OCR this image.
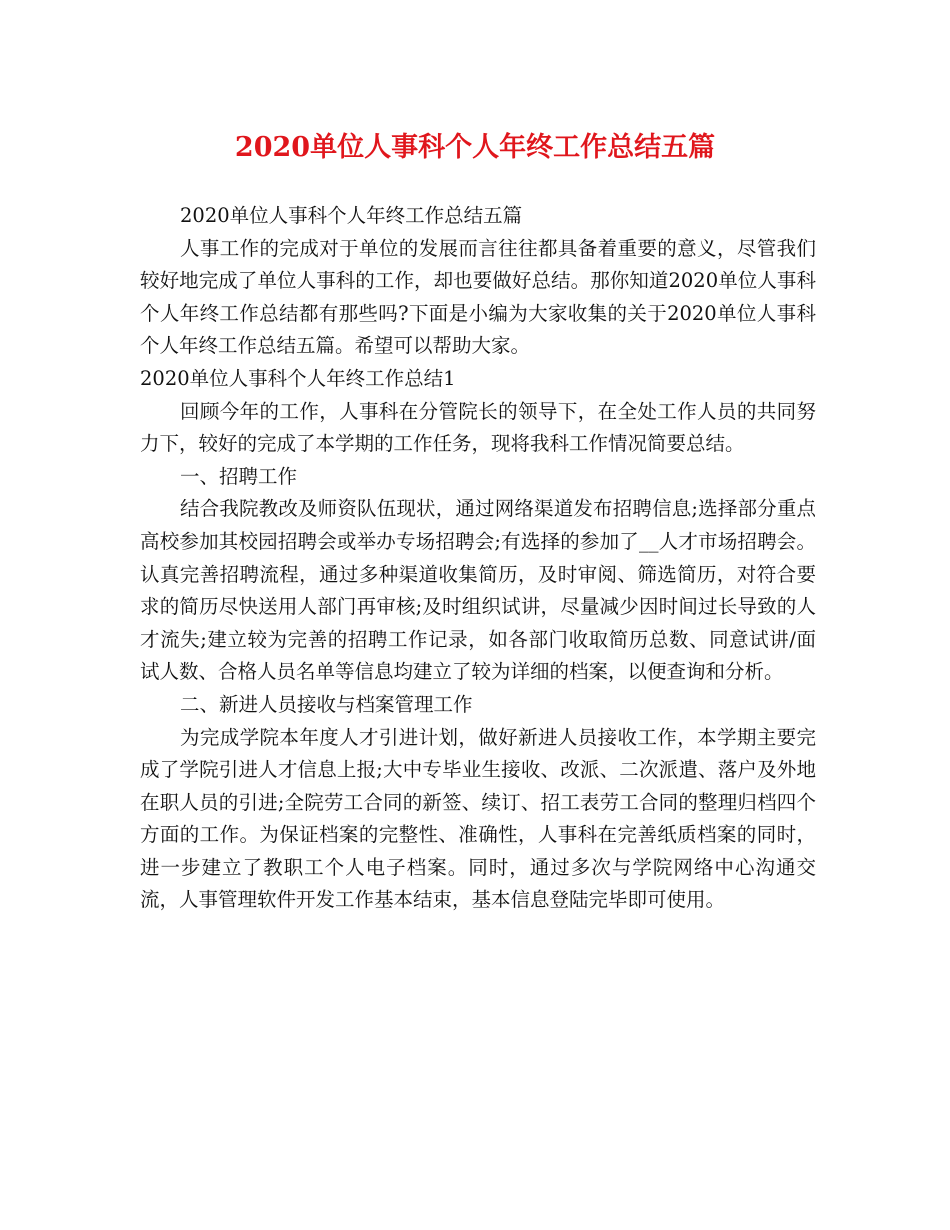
2020单位人事科个人年终工作总结五篇

2020单位人事科个人年终工作总结五篇

人事工作的完成对于单位的发展而言往往都具备着重要的意义，尽管我们较好地完成了单位人事科的工作，却也要做好总结。那你知道2020单位人事科个人年终工作总结都有那些吗?下面是小编为大家收集的关于2020单位人事科个人年终工作总结五篇。希望可以帮助大家。

2020单位人事科个人年终工作总结1

回顾今年的工作，人事科在分管院长的领导下，在全处工作人员的共同努力下，较好的完成了本学期的工作任务，现将我科工作情况简要总结。

一、招聘工作

结合我院教改及师资队伍现状，通过网络渠道发布招聘信息;选择部分重点高校参加其校园招聘会或举办专场招聘会;有选择的参加了__人才市场招聘会。认真完善招聘流程，通过多种渠道收集简历，及时审阅、筛选简历，对符合要求的简历尽快送用人部门再审核;及时组织试讲，尽量减少因时间过长导致的人才流失;建立较为完善的招聘工作记录，如各部门收取简历总数、同意试讲/面试人数、合格人员名单等信息均建立了较为详细的档案，以便查询和分析。

二、新进人员接收与档案管理工作

为完成学院本年度人才引进计划，做好新进人员接收工作，本学期主要完成了学院引进人才信息上报;大中专毕业生接收、改派、二次派遣、落户及外地在职人员的引进;全院劳工合同的新签、续订、招工表劳工合同的整理归档四个方面的工作。为保证档案的完整性、准确性，人事科在完善纸质档案的同时，进一步建立了教职工个人电子档案。同时，通过多次与学院网络中心沟通交流，人事管理软件开发工作基本结束，基本信息登陆完毕即可使用。
